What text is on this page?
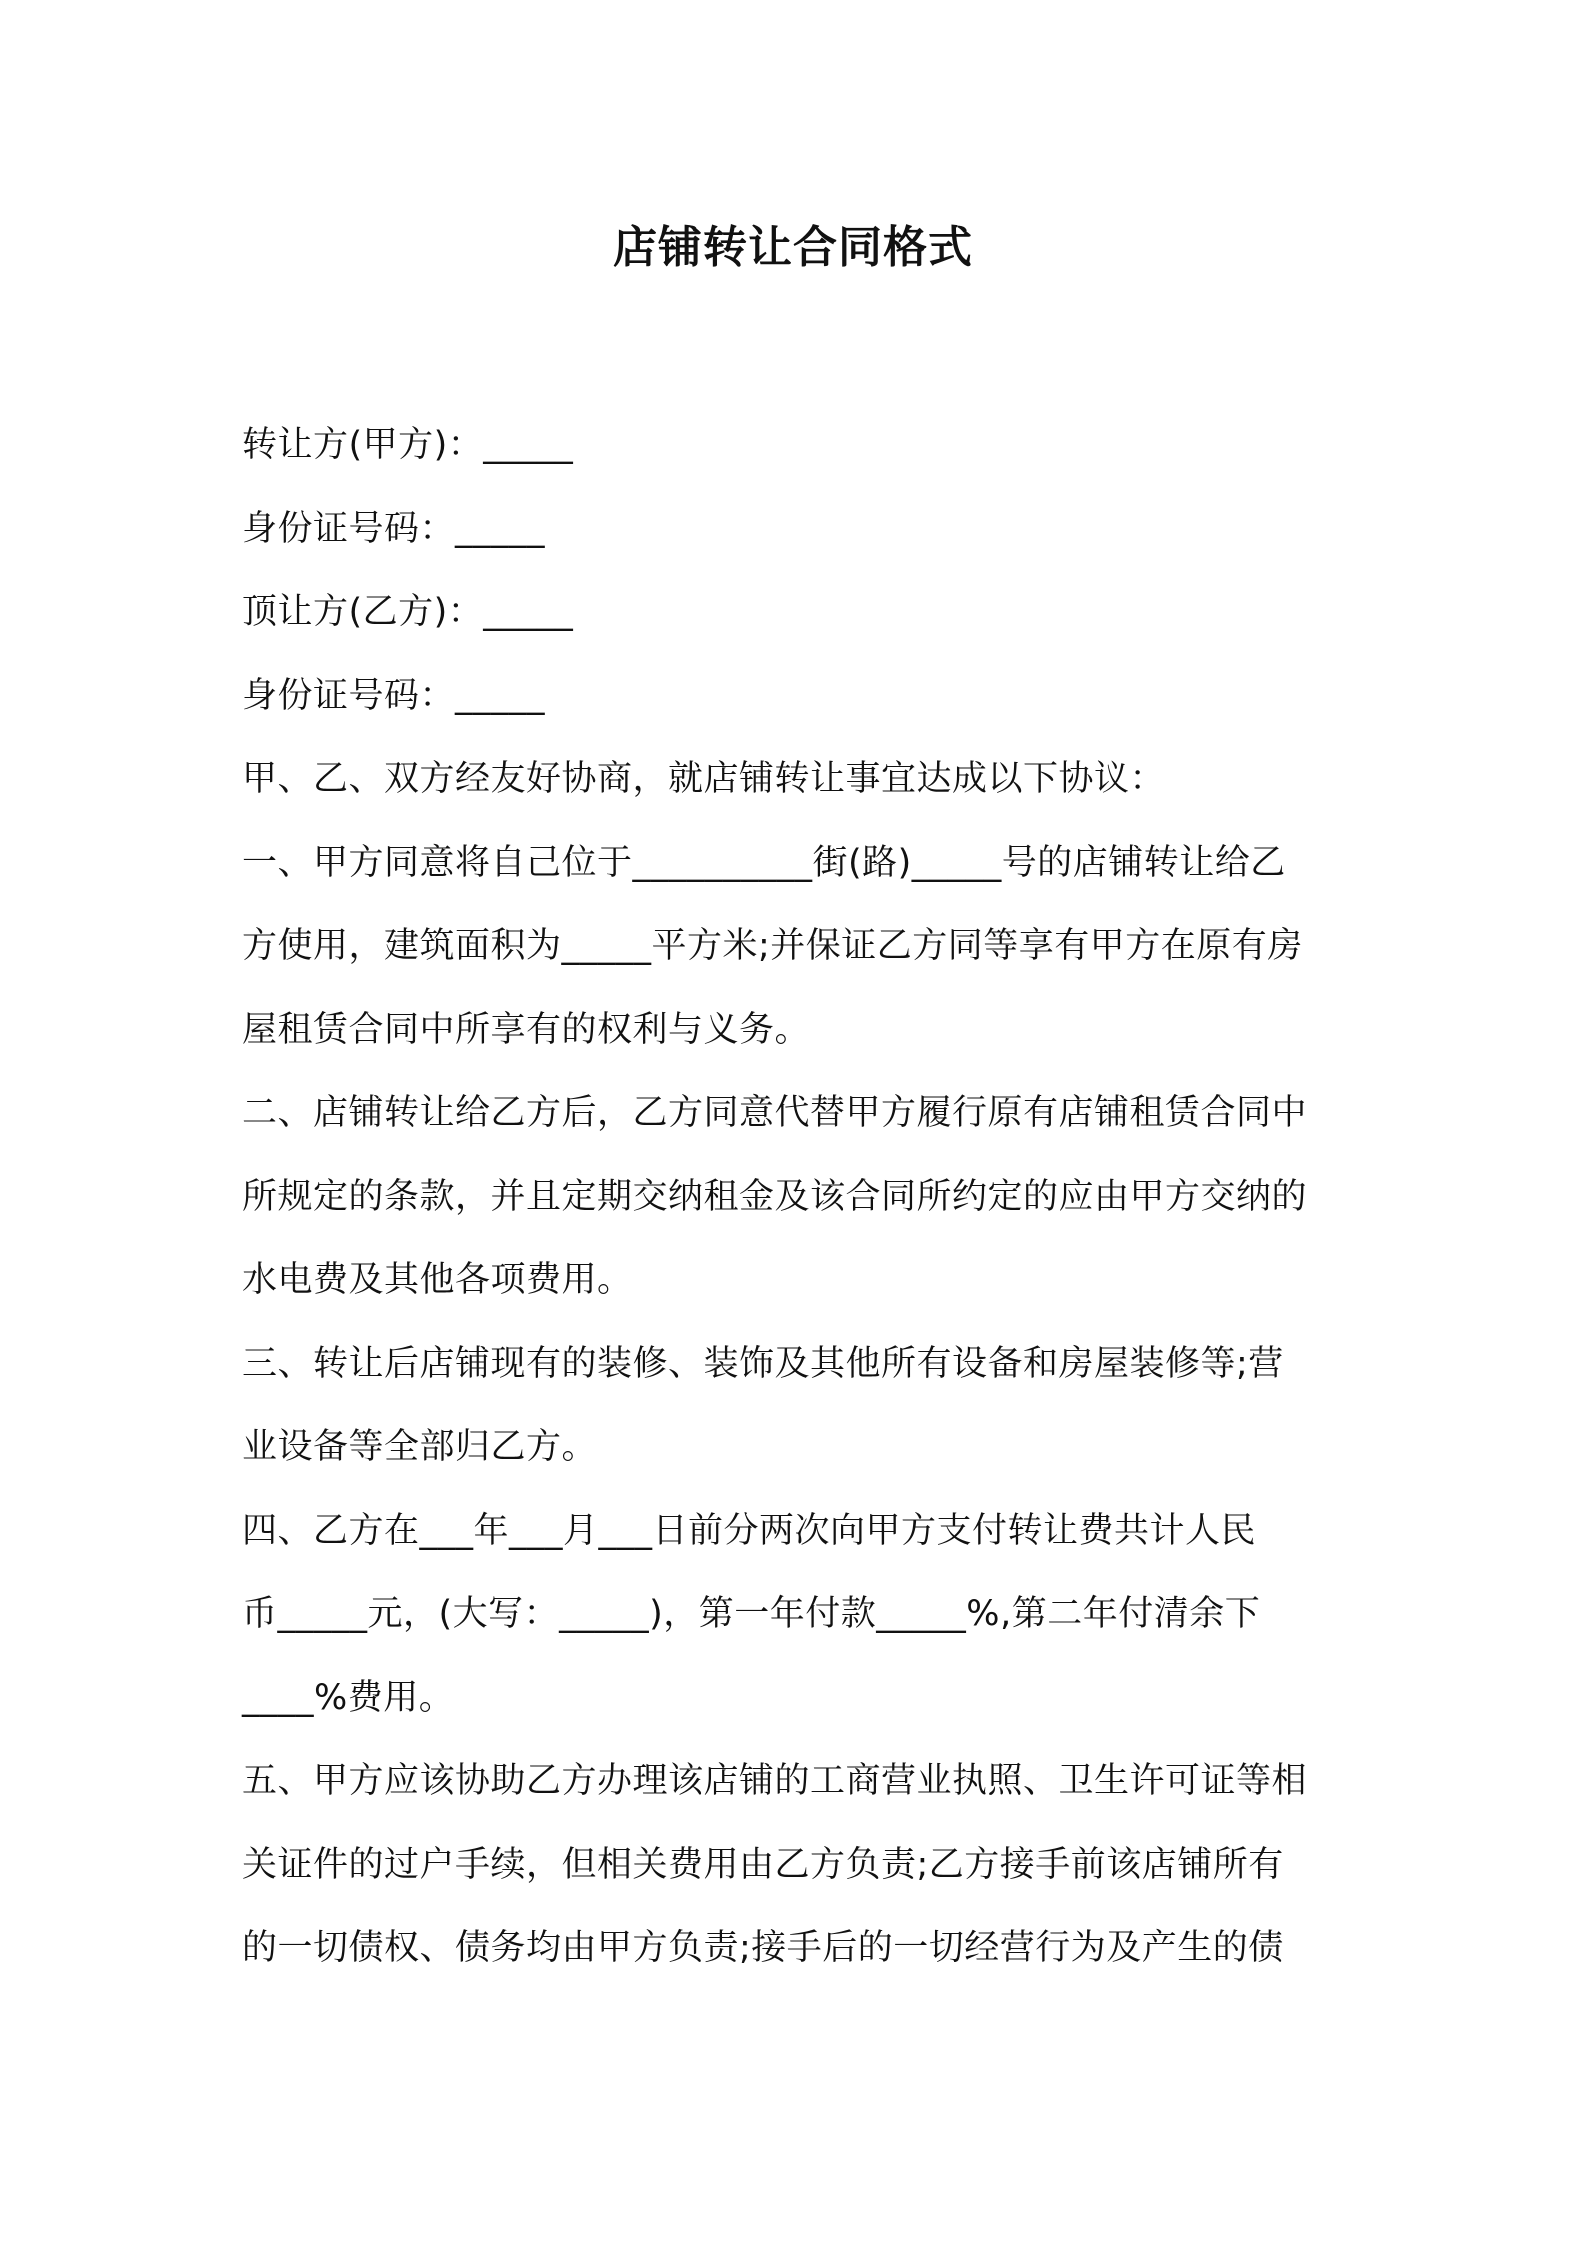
店铺转让合同格式
转让方(甲方)：_____
身份证号码：_____
顶让方(乙方)：_____
身份证号码：_____
甲、乙、双方经友好协商，就店铺转让事宜达成以下协议：
一、甲方同意将自己位于__________街(路)_____号的店铺转让给乙
方使用，建筑面积为_____平方米;并保证乙方同等享有甲方在原有房
屋租赁合同中所享有的权利与义务。
二、店铺转让给乙方后，乙方同意代替甲方履行原有店铺租赁合同中
所规定的条款，并且定期交纳租金及该合同所约定的应由甲方交纳的
水电费及其他各项费用。
三、转让后店铺现有的装修、装饰及其他所有设备和房屋装修等;营
业设备等全部归乙方。
四、乙方在___年___月___日前分两次向甲方支付转让费共计人民
币_____元，(大写：_____)，第一年付款_____%,第二年付清余下
____%费用。
五、甲方应该协助乙方办理该店铺的工商营业执照、卫生许可证等相
关证件的过户手续，但相关费用由乙方负责;乙方接手前该店铺所有
的一切债权、债务均由甲方负责;接手后的一切经营行为及产生的债
